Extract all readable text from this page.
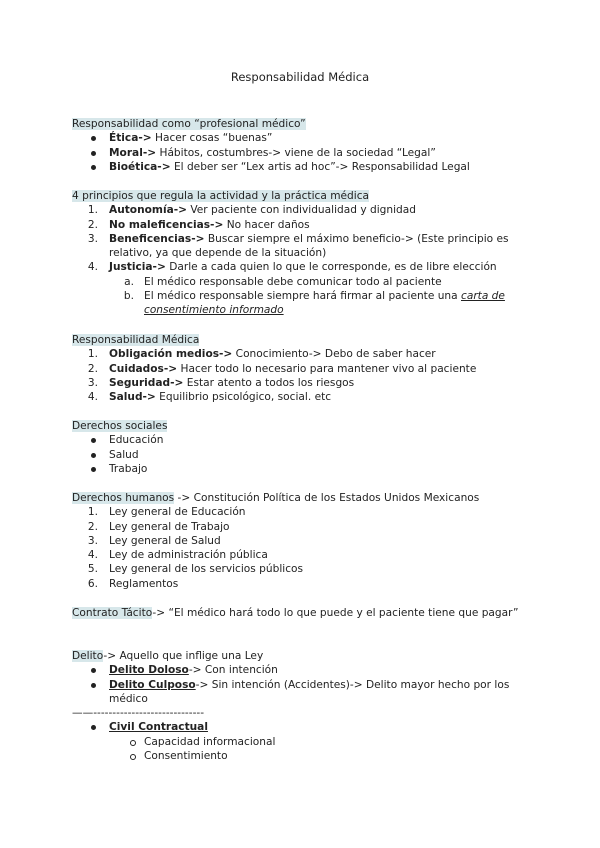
Responsabilidad Médica
Responsabilidad como “profesional médico”
Ética-> Hacer cosas “buenas”
Moral-> Hábitos, costumbres-> viene de la sociedad “Legal”
Bioética-> El deber ser “Lex artis ad hoc”-> Responsabilidad Legal
4 principios que regula la actividad y la práctica médica
1. Autonomía-> Ver paciente con individualidad y dignidad
2. No maleficencias-> No hacer daños
3. Beneficencias-> Buscar siempre el máximo beneficio-> (Este principio es relativo, ya que depende de la situación)
4. Justicia-> Darle a cada quien lo que le corresponde, es de libre elección
a. El médico responsable debe comunicar todo al paciente
b. El médico responsable siempre hará firmar al paciente una carta de consentimiento informado
Responsabilidad Médica
1. Obligación medios-> Conocimiento-> Debo de saber hacer
2. Cuidados-> Hacer todo lo necesario para mantener vivo al paciente
3. Seguridad-> Estar atento a todos los riesgos
4. Salud-> Equilibrio psicológico, social. etc
Derechos sociales
Educación
Salud
Trabajo
Derechos humanos -> Constitución Política de los Estados Unidos Mexicanos
1. Ley general de Educación
2. Ley general de Trabajo
3. Ley general de Salud
4. Ley de administración pública
5. Ley general de los servicios públicos
6. Reglamentos
Contrato Tácito-> “El médico hará todo lo que puede y el paciente tiene que pagar”
Delito-> Aquello que inflige una Ley
Delito Doloso-> Con intención
Delito Culposo-> Sin intención (Accidentes)-> Delito mayor hecho por los médico
——-----------------------------
Civil Contractual
Capacidad informacional
Consentimiento
